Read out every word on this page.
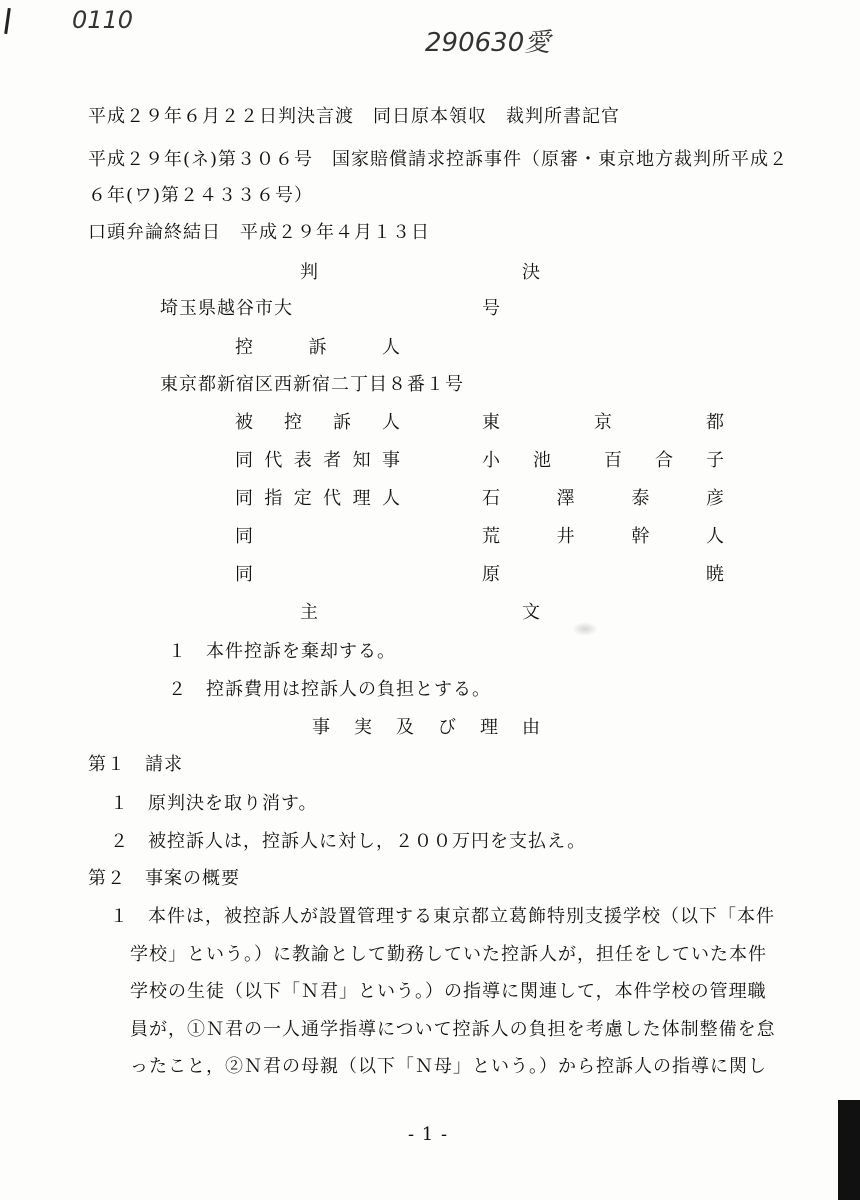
0110
290630愛
平成２９年６月２２日判決言渡　同日原本領収　裁判所書記官
平成２９年(ネ)第３０６号　国家賠償請求控訴事件（原審・東京地方裁判所平成２
６年(ワ)第２４３３６号）
口頭弁論終結日　平成２９年４月１３日
判	決
埼玉県越谷市大	号
控	訴	人
東京都新宿区西新宿二丁目８番１号
被 控 訴 人	東	京	都
同 代 表 者 知 事	小 池	百 合 子
同 指 定 代 理 人	石	澤	泰	彦
同	荒	井	幹	人
同	原	暁
主	文
１　本件控訴を棄却する。
２　控訴費用は控訴人の負担とする。
事 実 及 び 理 由
第１　請求
１　原判決を取り消す。
２　被控訴人は，控訴人に対し，２００万円を支払え。
第２　事案の概要
１　本件は，被控訴人が設置管理する東京都立葛飾特別支援学校（以下「本件
学校」という。）に教諭として勤務していた控訴人が，担任をしていた本件
学校の生徒（以下「Ｎ君」という。）の指導に関連して，本件学校の管理職
員が，①Ｎ君の一人通学指導について控訴人の負担を考慮した体制整備を怠
ったこと，②Ｎ君の母親（以下「Ｎ母」という。）から控訴人の指導に関し
- 1 -
